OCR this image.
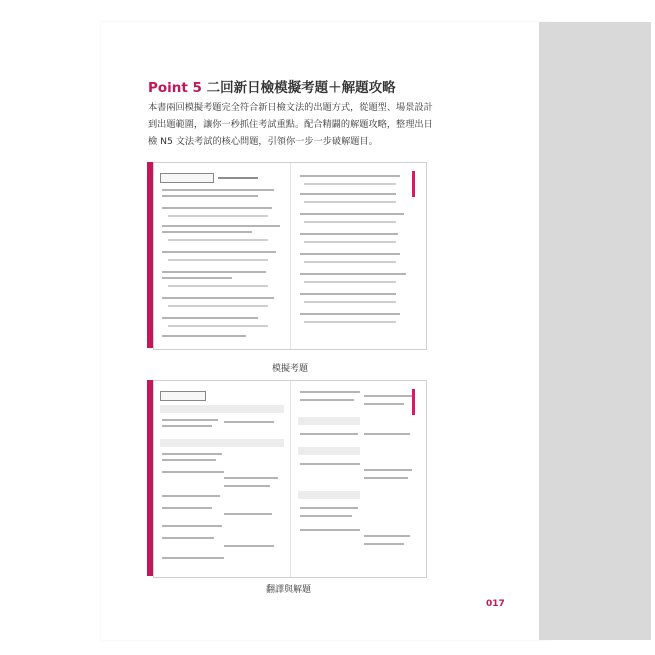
N5 JLPT
Point 5 二回新日檢模擬考題＋解題攻略
本書兩回模擬考題完全符合新日檢文法的出題方式，從題型、場景設計到出題範圍，讓你一秒抓住考試重點。配合精闢的解題攻略，整理出日檢 N5 文法考試的核心問題，引領你一步一步破解題目。
模擬考題
翻譯與解題
017
